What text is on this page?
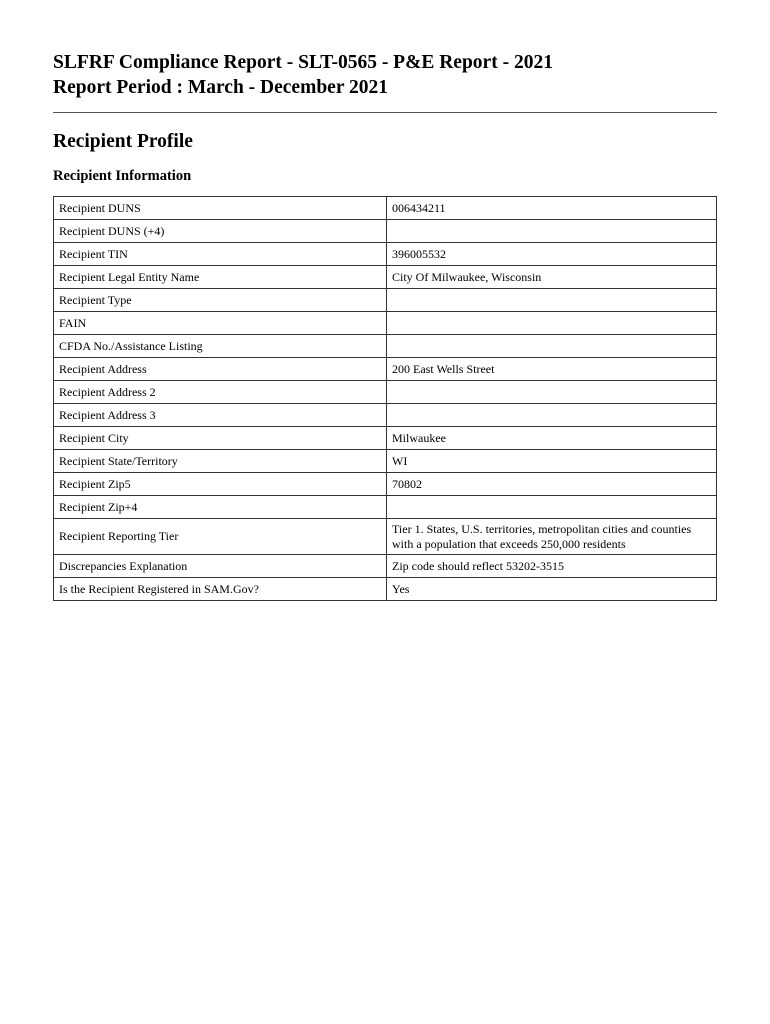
SLFRF Compliance Report - SLT-0565 - P&E Report - 2021

Report Period : March - December 2021

Recipient Profile
Recipient Information
Recipient DUNS	006434211
Recipient DUNS (+4)	
Recipient TIN	396005532
Recipient Legal Entity Name	City Of Milwaukee, Wisconsin
Recipient Type	
FAIN	
CFDA No./Assistance Listing	
Recipient Address	200 East Wells Street
Recipient Address 2	
Recipient Address 3	
Recipient City	Milwaukee
Recipient State/Territory	WI
Recipient Zip5	70802
Recipient Zip+4	
Recipient Reporting Tier	Tier 1. States, U.S. territories, metropolitan cities and counties with a population that exceeds 250,000 residents
Discrepancies Explanation	Zip code should reflect 53202-3515
Is the Recipient Registered in SAM.Gov?	Yes
